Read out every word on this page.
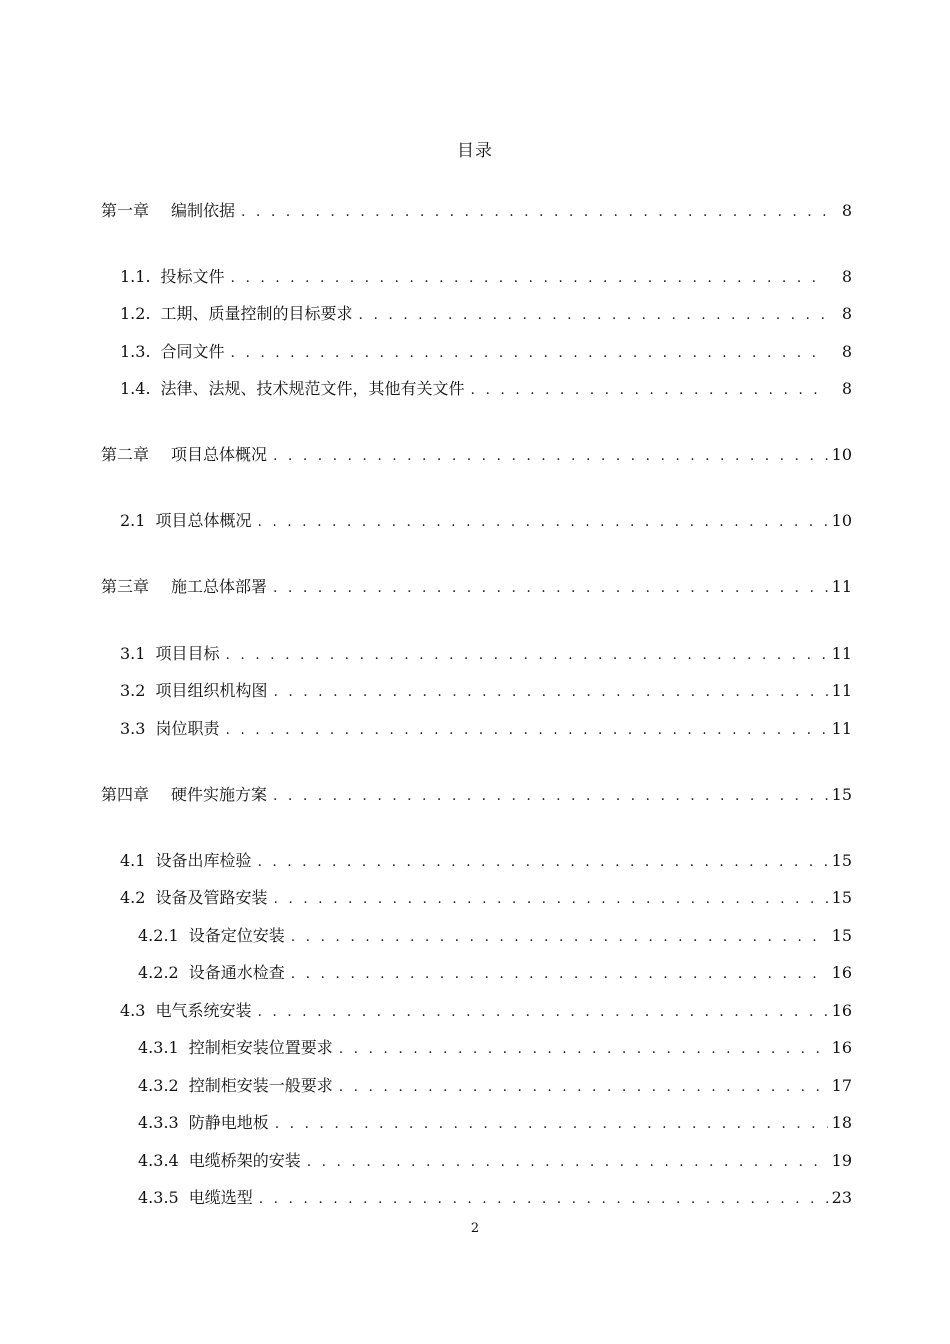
目录
第一章 编制依据 . . .	8
1.1. 投标文件 . . .	8
1.2. 工期、质量控制的目标要求 . . .	8
1.3. 合同文件 . . .	8
1.4. 法律、法规、技术规范文件，其他有关文件 . . .	8
第二章 项目总体概况 . . .	10
2.1 项目总体概况 . . .	10
第三章 施工总体部署 . . .	11
3.1 项目目标 . . .	11
3.2 项目组织机构图 . . .	11
3.3 岗位职责 . . .	11
第四章 硬件实施方案 . . .	15
4.1 设备出库检验 . . .	15
4.2 设备及管路安装 . . .	15
4.2.1 设备定位安装 . . .	15
4.2.2 设备通水检查 . . .	16
4.3 电气系统安装 . . .	16
4.3.1 控制柜安装位置要求 . . .	16
4.3.2 控制柜安装一般要求 . . .	17
4.3.3 防静电地板 . . .	18
4.3.4 电缆桥架的安装 . . .	19
4.3.5 电缆选型 . . .	23
2
